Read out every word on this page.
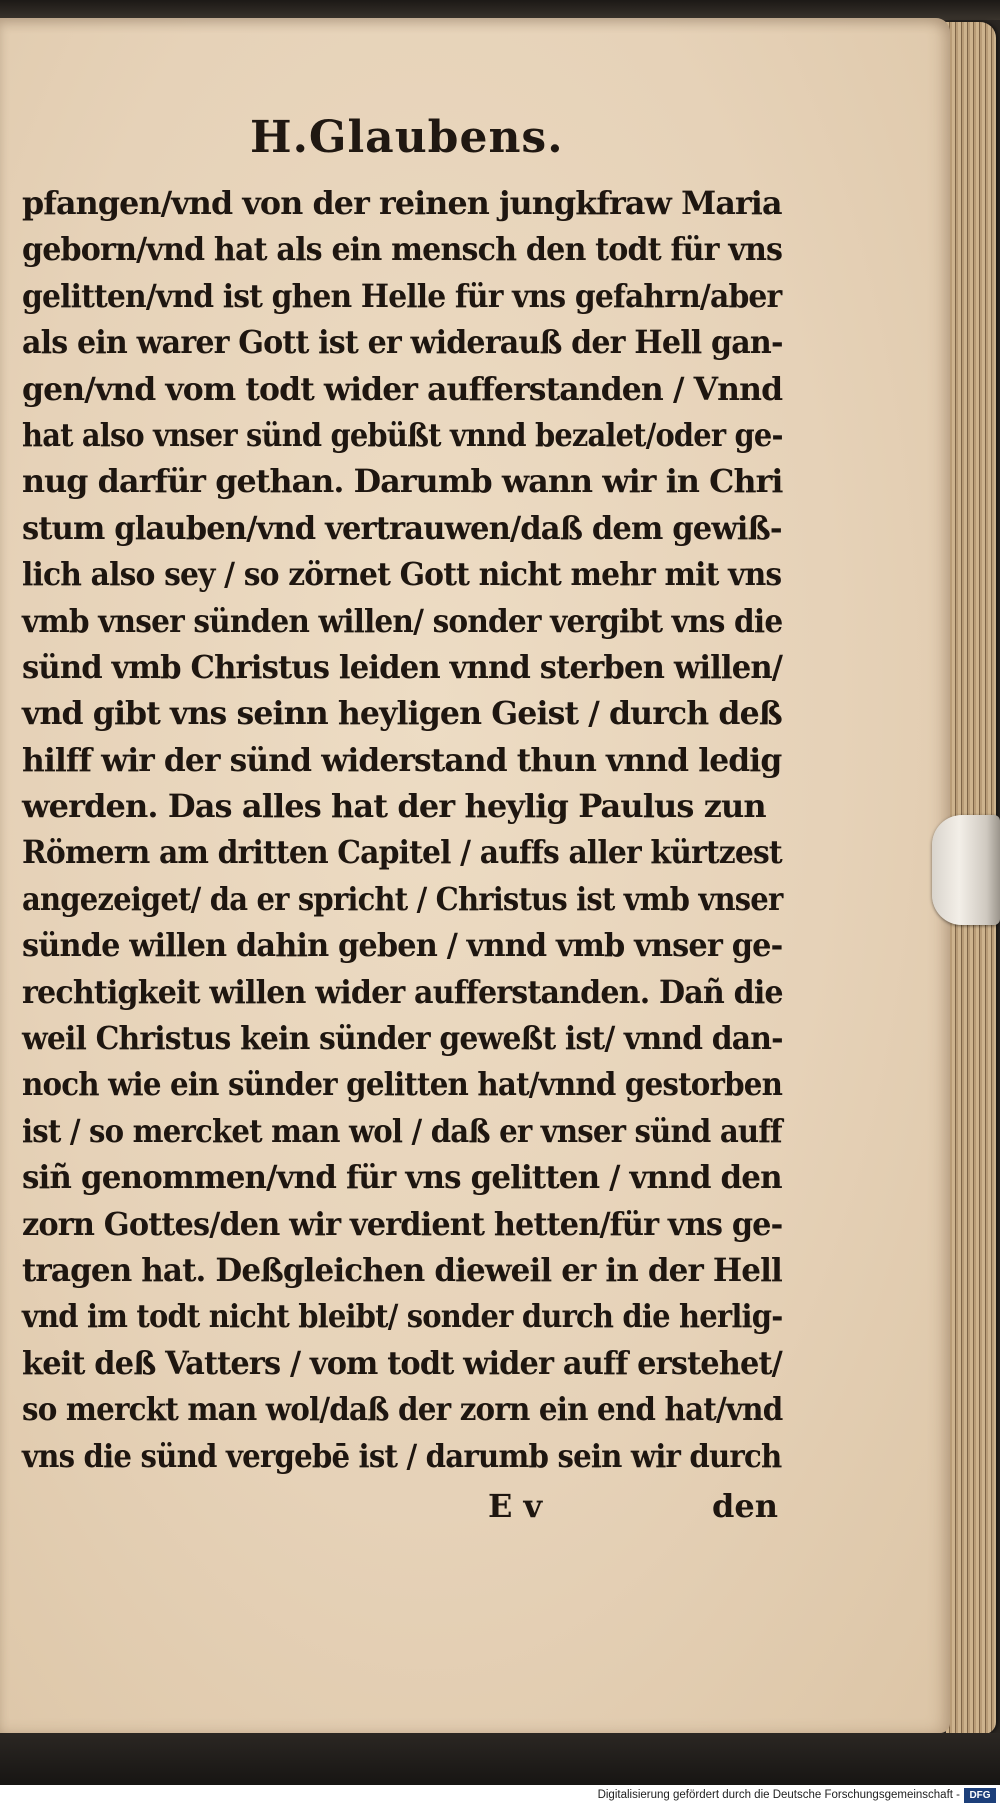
H.Glaubens.
pfangen/vnd von der reinen jungkfraw Maria
geborn/vnd hat als ein mensch den todt für vns
gelitten/vnd ist ghen Helle für vns gefahrn/aber
als ein warer Gott ist er widerauß der Hell gan-
gen/vnd vom todt wider aufferstanden / Vnnd
hat also vnser sünd gebüßt vnnd bezalet/oder ge-
nug darfür gethan. Darumb wann wir in Chri
stum glauben/vnd vertrauwen/daß dem gewiß-
lich also sey / so zörnet Gott nicht mehr mit vns
vmb vnser sünden willen/ sonder vergibt vns die
sünd vmb Christus leiden vnnd sterben willen/
vnd gibt vns seinn heyligen Geist / durch deß
hilff wir der sünd widerstand thun vnnd ledig
werden. Das alles hat der heylig Paulus zun
Römern am dritten Capitel / auffs aller kürtzest
angezeiget/ da er spricht / Christus ist vmb vnser
sünde willen dahin geben / vnnd vmb vnser ge-
rechtigkeit willen wider aufferstanden. Dañ die
weil Christus kein sünder geweßt ist/ vnnd dan-
noch wie ein sünder gelitten hat/vnnd gestorben
ist / so mercket man wol / daß er vnser sünd auff
siñ genommen/vnd für vns gelitten / vnnd den
zorn Gottes/den wir verdient hetten/für vns ge-
tragen hat. Deßgleichen dieweil er in der Hell
vnd im todt nicht bleibt/ sonder durch die herlig-
keit deß Vatters / vom todt wider auff erstehet/
so merckt man wol/daß der zorn ein end hat/vnd
vns die sünd vergebē ist / darumb sein wir durch
E v	den
Digitalisierung gefördert durch die Deutsche Forschungsgemeinschaft - DFG
